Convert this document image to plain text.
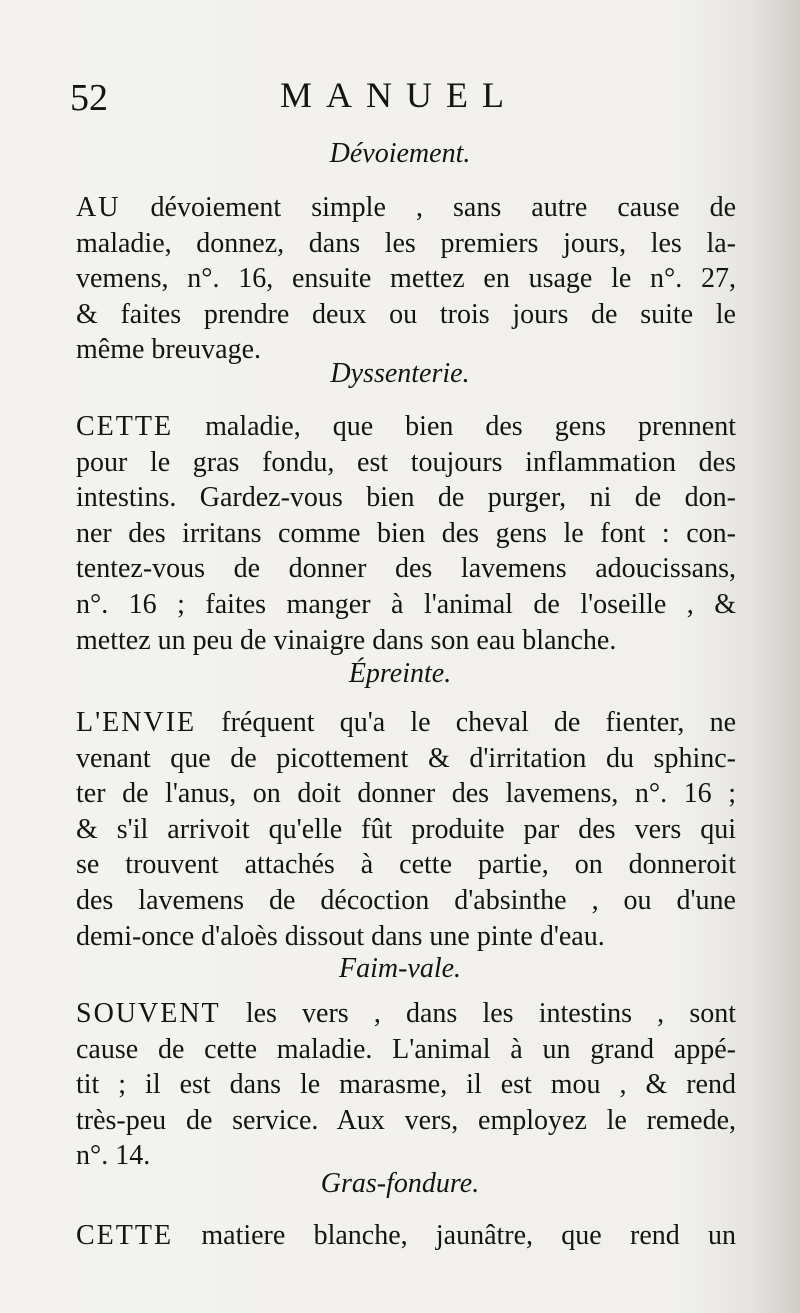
52	MANUEL
Dévoiement.
AU dévoiement simple , sans autre cause de
maladie, donnez, dans les premiers jours, les la-
vemens, n°. 16, ensuite mettez en usage le n°. 27,
& faites prendre deux ou trois jours de suite le
même breuvage.
Dyssenterie.
CETTE maladie, que bien des gens prennent
pour le gras fondu, est toujours inflammation des
intestins. Gardez-vous bien de purger, ni de don-
ner des irritans comme bien des gens le font : con-
tentez-vous de donner des lavemens adoucissans,
n°. 16 ; faites manger à l'animal de l'oseille , &
mettez un peu de vinaigre dans son eau blanche.
Épreinte.
L'ENVIE fréquent qu'a le cheval de fienter, ne
venant que de picottement & d'irritation du sphinc-
ter de l'anus, on doit donner des lavemens, n°. 16 ;
& s'il arrivoit qu'elle fût produite par des vers qui
se trouvent attachés à cette partie, on donneroit
des lavemens de décoction d'absinthe , ou d'une
demi-once d'aloès dissout dans une pinte d'eau.
Faim-vale.
SOUVENT les vers , dans les intestins , sont
cause de cette maladie. L'animal à un grand appé-
tit ; il est dans le marasme, il est mou , & rend
très-peu de service. Aux vers, employez le remede,
n°. 14.
Gras-fondure.
CETTE matiere blanche, jaunâtre, que rend un
